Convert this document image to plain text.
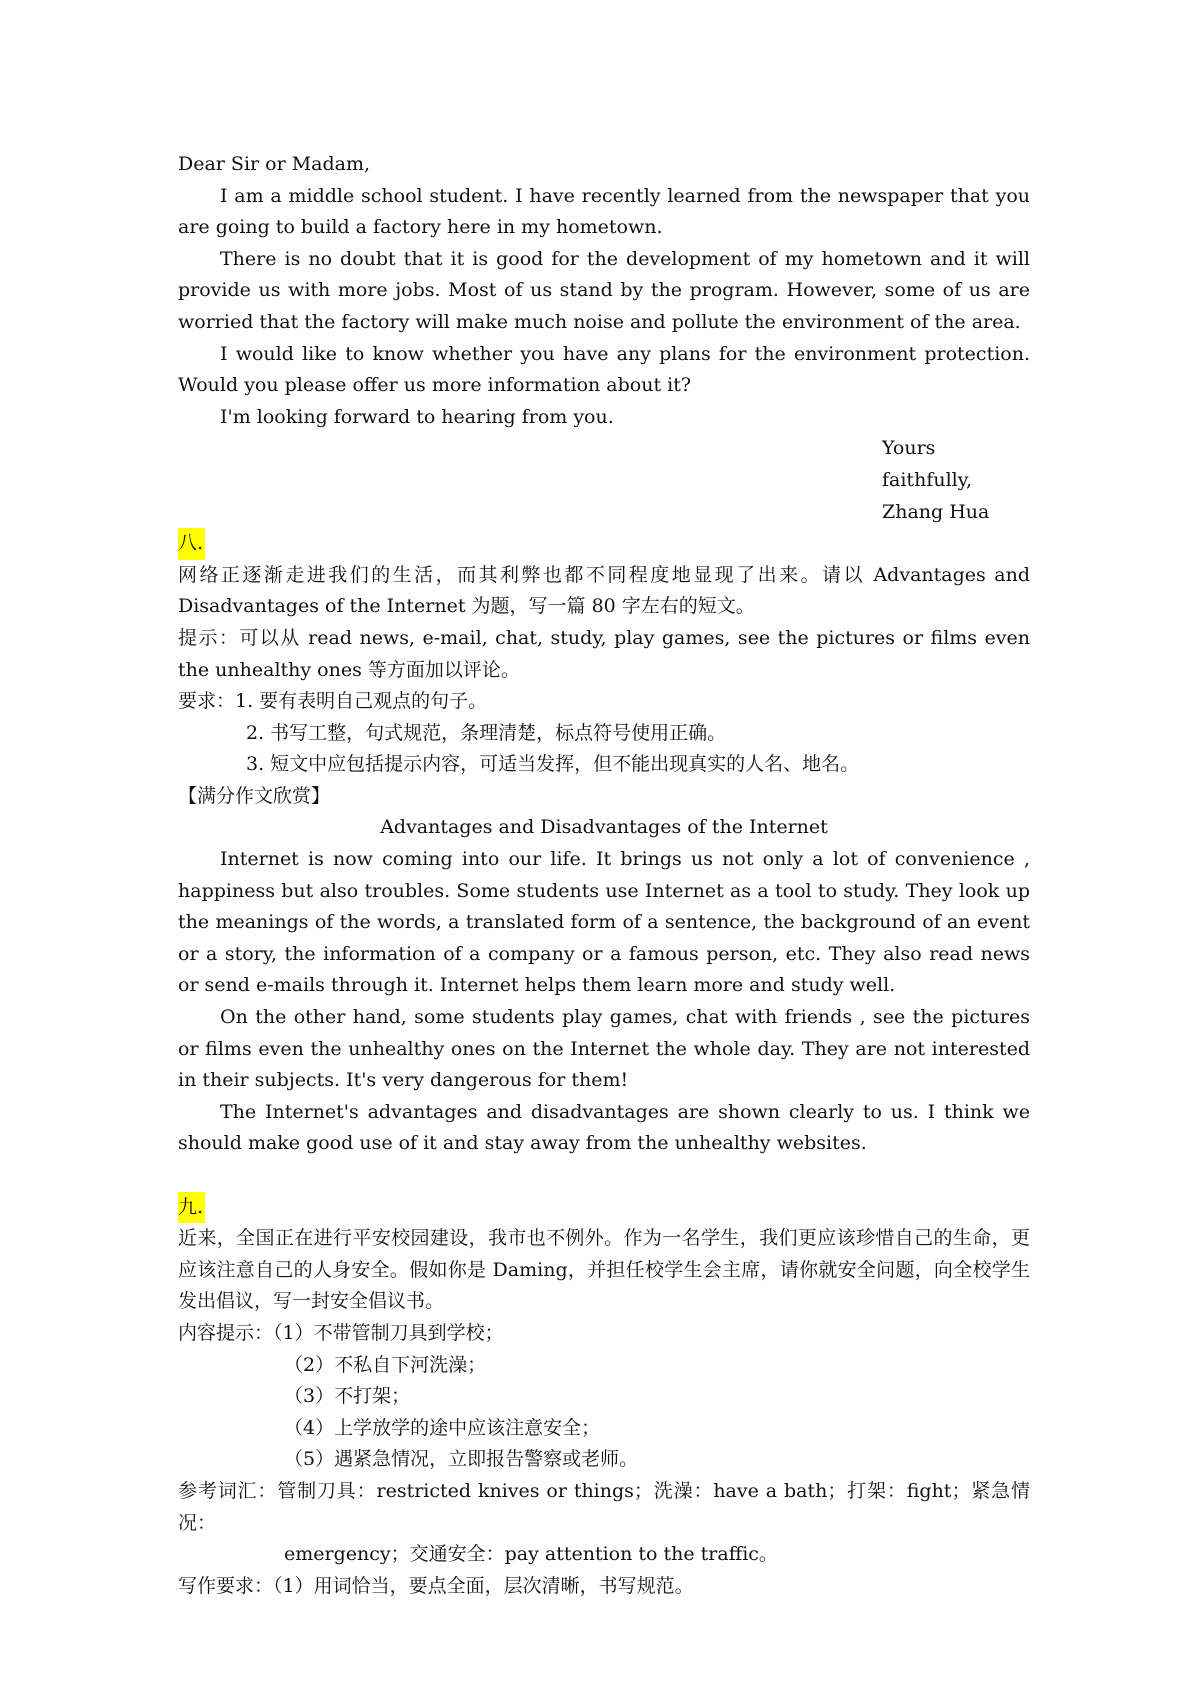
Dear Sir or Madam,

I am a middle school student. I have recently learned from the newspaper that you are going to build a factory here in my hometown.

There is no doubt that it is good for the development of my hometown and it will provide us with more jobs. Most of us stand by the program. However, some of us are worried that the factory will make much noise and pollute the environment of the area.

I would like to know whether you have any plans for the environment protection. Would you please offer us more information about it?

I'm looking forward to hearing from you.

Yours faithfully,

Zhang Hua

八.

网络正逐渐走进我们的生活，而其利弊也都不同程度地显现了出来。请以 Advantages and Disadvantages of the Internet 为题，写一篇 80 字左右的短文。

提示：可以从 read news, e-mail, chat, study, play games, see the pictures or films even the unhealthy ones 等方面加以评论。

要求：1. 要有表明自己观点的句子。

2. 书写工整，句式规范，条理清楚，标点符号使用正确。

3. 短文中应包括提示内容，可适当发挥，但不能出现真实的人名、地名。

【满分作文欣赏】

Advantages and Disadvantages of the Internet

Internet is now coming into our life. It brings us not only a lot of convenience , happiness but also troubles. Some students use Internet as a tool to study. They look up the meanings of the words, a translated form of a sentence, the background of an event or a story, the information of a company or a famous person, etc. They also read news or send e-mails through it. Internet helps them learn more and study well.

On the other hand, some students play games, chat with friends , see the pictures or films even the unhealthy ones on the Internet the whole day. They are not interested in their subjects. It's very dangerous for them!

The Internet's advantages and disadvantages are shown clearly to us. I think we should make good use of it and stay away from the unhealthy websites.

九.

近来，全国正在进行平安校园建设，我市也不例外。作为一名学生，我们更应该珍惜自己的生命，更应该注意自己的人身安全。假如你是 Daming，并担任校学生会主席，请你就安全问题，向全校学生发出倡议，写一封安全倡议书。

内容提示：（1）不带管制刀具到学校；

（2）不私自下河洗澡；

（3）不打架；

（4）上学放学的途中应该注意安全；

（5）遇紧急情况，立即报告警察或老师。

参考词汇：管制刀具：restricted knives or things；洗澡：have a bath；打架：fight；紧急情况：

emergency；交通安全：pay attention to the traffic。

写作要求：（1）用词恰当，要点全面，层次清晰，书写规范。
